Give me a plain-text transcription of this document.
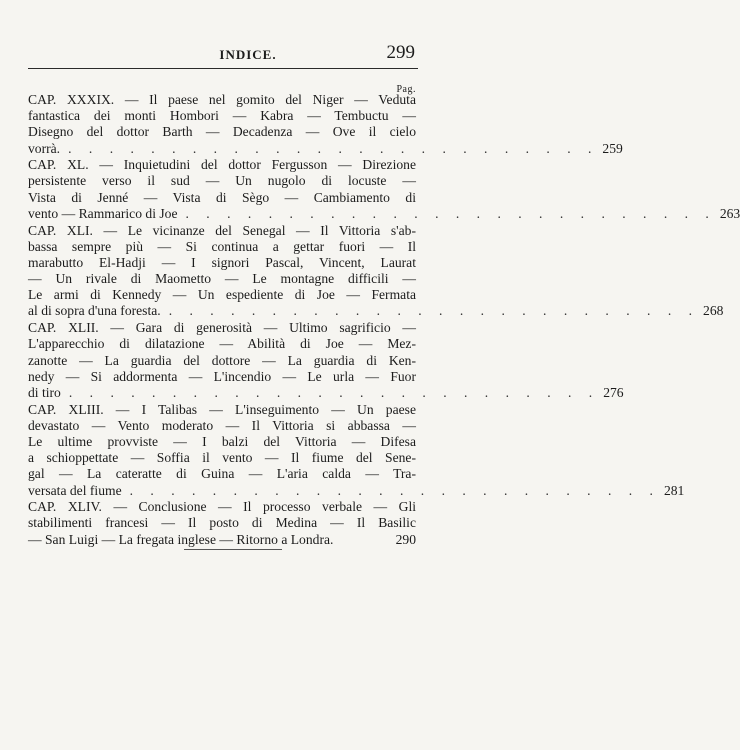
INDICE.	299
Pag.
CAP. XXXIX. — Il paese nel gomito del Niger — Veduta
fantastica dei monti Hombori — Kabra — Tembuctu —
Disegno del dottor Barth — Decadenza — Ove il cielo
vorrà. . . . . . . . . . . . . . . . . . . . . . . . . . . 259
CAP. XL. — Inquietudini del dottor Fergusson — Direzione
persistente verso il sud — Un nugolo di locuste —
Vista di Jenné — Vista di Sègo — Cambiamento di
vento — Rammarico di Joe . . . . . . . . . . . . . . . . . . . . . . . . . . 263
CAP. XLI. — Le vicinanze del Senegal — Il Vittoria s'ab-
bassa sempre più — Si continua a gettar fuori — Il
marabutto El-Hadji — I signori Pascal, Vincent, Laurat
— Un rivale di Maometto — Le montagne difficili —
Le armi di Kennedy — Un espediente di Joe — Fermata
al di sopra d'una foresta. . . . . . . . . . . . . . . . . . . . . . . . . . . 268
CAP. XLII. — Gara di generosità — Ultimo sagrificio —
L'apparecchio di dilatazione — Abilità di Joe — Mez-
zanotte — La guardia del dottore — La guardia di Ken-
nedy — Si addormenta — L'incendio — Le urla — Fuor
di tiro . . . . . . . . . . . . . . . . . . . . . . . . . . 276
CAP. XLIII. — I Talibas — L'inseguimento — Un paese
devastato — Vento moderato — Il Vittoria si abbassa —
Le ultime provviste — I balzi del Vittoria — Difesa
a schioppettate — Soffia il vento — Il fiume del Sene-
gal — La cateratte di Guina — L'aria calda — Tra-
versata del fiume . . . . . . . . . . . . . . . . . . . . . . . . . . 281
CAP. XLIV. — Conclusione — Il processo verbale — Gli
stabilimenti francesi — Il posto di Medina — Il Basilic
— San Luigi — La fregata inglese — Ritorno a Londra.	290
